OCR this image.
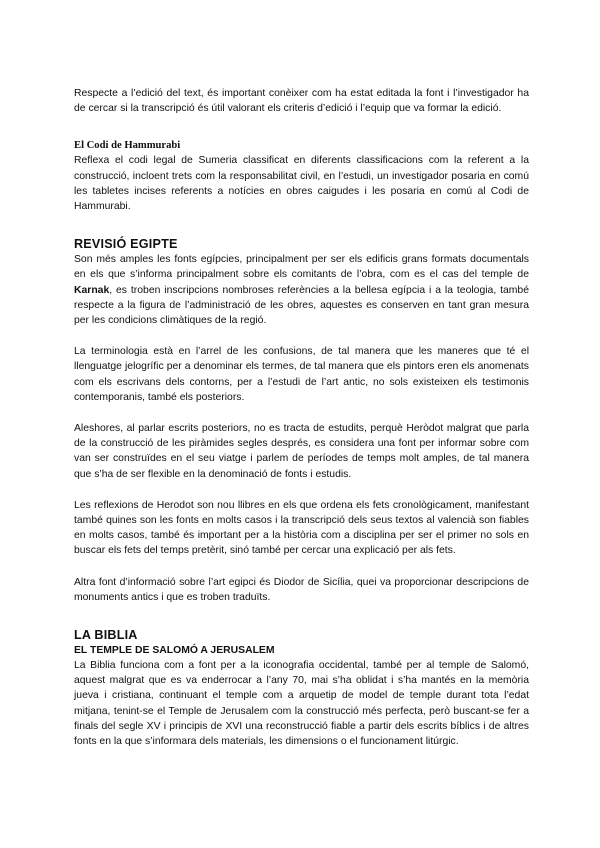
Respecte a l’edició del text, és important conèixer com ha estat editada la font i l’investigador ha de cercar si la transcripció és útil valorant els criteris d’edició i l’equip que va formar la edició.

El Codi de Hammurabi

Reflexa el codi legal de Sumeria classificat en diferents classificacions com la referent a la construcció, incloent trets com la responsabilitat civil, en l’estudi, un investigador posaria en comú les tabletes incises referents a notícies en obres caigudes i les posaria en comú al Codi de Hammurabi.

REVISIÓ EGIPTE

Son més amples les fonts egípcies, principalment per ser els edificis grans formats documentals en els que s’informa principalment sobre els comitants de l’obra, com es el cas del temple de Karnak, es troben inscripcions nombroses referències a la bellesa egípcia i a la teologia, també respecte a la figura de l’administració de les obres, aquestes es conserven en tant gran mesura per les condicions climàtiques de la regió.

La terminologia està en l’arrel de les confusions, de tal manera que les maneres que té el llenguatge jelogrífic per a denominar els termes, de tal manera que els pintors eren els anomenats com els escrivans dels contorns, per a l’estudi de l’art antic, no sols existeixen els testimonis contemporanis, també els posteriors.

Aleshores, al parlar escrits posteriors, no es tracta de estudits, perquè Heròdot malgrat que parla de la construcció de les piràmides segles després, es considera una font per informar sobre com van ser construïdes en el seu viatge i parlem de períodes de temps molt amples, de tal manera que s’ha de ser flexible en la denominació de fonts i estudis.

Les reflexions de Herodot son nou llibres en els que ordena els fets cronològicament, manifestant també quines son les fonts en molts casos i la transcripció dels seus textos al valencià son fiables en molts casos, també és important per a la història com a disciplina per ser el primer no sols en buscar els fets del temps pretèrit, sinó també per cercar una explicació per als fets.

Altra font d’informació sobre l’art egipci és Diodor de Sicília, quei va proporcionar descripcions de monuments antics i que es troben traduïts.

LA BIBLIA
EL TEMPLE DE SALOMÓ A JERUSALEM

La Biblia funciona com a font per a la iconografia occidental, també per al temple de Salomó, aquest malgrat que es va enderrocar a l’any 70, mai s’ha oblidat i s’ha mantés en la memòria jueva i cristiana, continuant el temple com a arquetip de model de temple durant tota l’edat mitjana, tenint-se el Temple de Jerusalem com la construcció més perfecta, però buscant-se fer a finals del segle XV i principis de XVI una reconstrucció fiable a partir dels escrits bíblics i de altres fonts en la que s’informara dels materials, les dimensions o el funcionament litúrgic.
